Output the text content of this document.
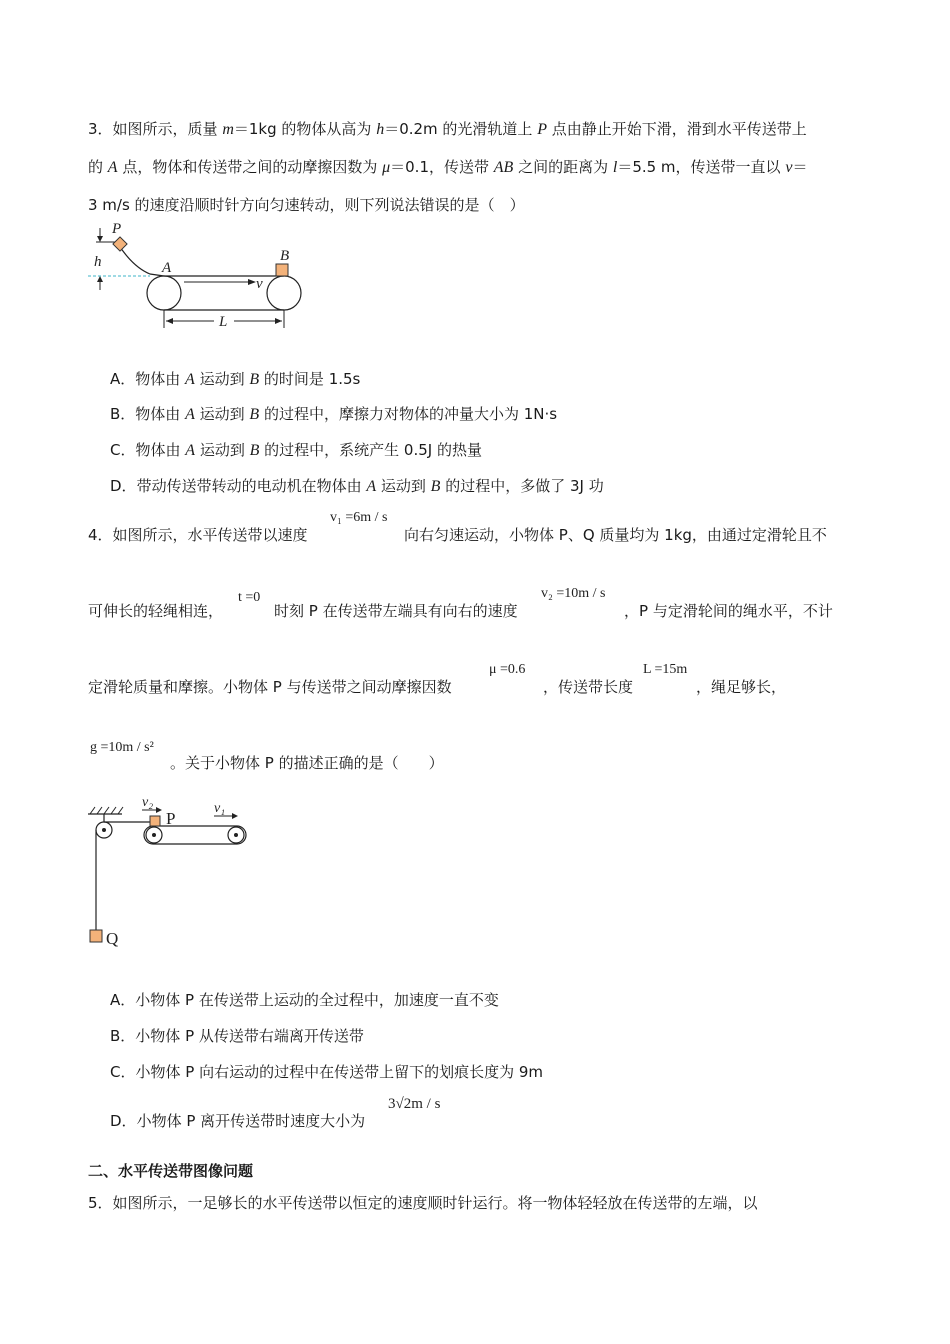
3．如图所示，质量 m＝1kg 的物体从高为 h＝0.2m 的光滑轨道上 P 点由静止开始下滑，滑到水平传送带上
的 A 点，物体和传送带之间的动摩擦因数为 μ＝0.1，传送带 AB 之间的距离为 l＝5.5 m，传送带一直以 v＝
3 m/s 的速度沿顺时针方向匀速转动，则下列说法错误的是（　）
h
P
A
B
v
L
A．物体由 A 运动到 B 的时间是 1.5s
B．物体由 A 运动到 B 的过程中，摩擦力对物体的冲量大小为 1N·s
C．物体由 A 运动到 B 的过程中，系统产生 0.5J 的热量
D．带动传送带转动的电动机在物体由 A 运动到 B 的过程中，多做了 3J 功
4．如图所示，水平传送带以速度
v₁ =6m / s
向右匀速运动，小物体 P、Q 质量均为 1kg，由通过定滑轮且不
可伸长的轻绳相连，
t =0
时刻 P 在传送带左端具有向右的速度
v₂ =10m / s
，P 与定滑轮间的绳水平，不计
定滑轮质量和摩擦。小物体 P 与传送带之间动摩擦因数
μ =0.6
，传送带长度
L =15m
，绳足够长，
g =10m / s²
。关于小物体 P 的描述正确的是（　　）
Q
P
v₂	v₁
A．小物体 P 在传送带上运动的全过程中，加速度一直不变
B．小物体 P 从传送带右端离开传送带
C．小物体 P 向右运动的过程中在传送带上留下的划痕长度为 9m
D．小物体 P 离开传送带时速度大小为
3√2m / s
二、水平传送带图像问题
5．如图所示，一足够长的水平传送带以恒定的速度顺时针运行。将一物体轻轻放在传送带的左端，以
